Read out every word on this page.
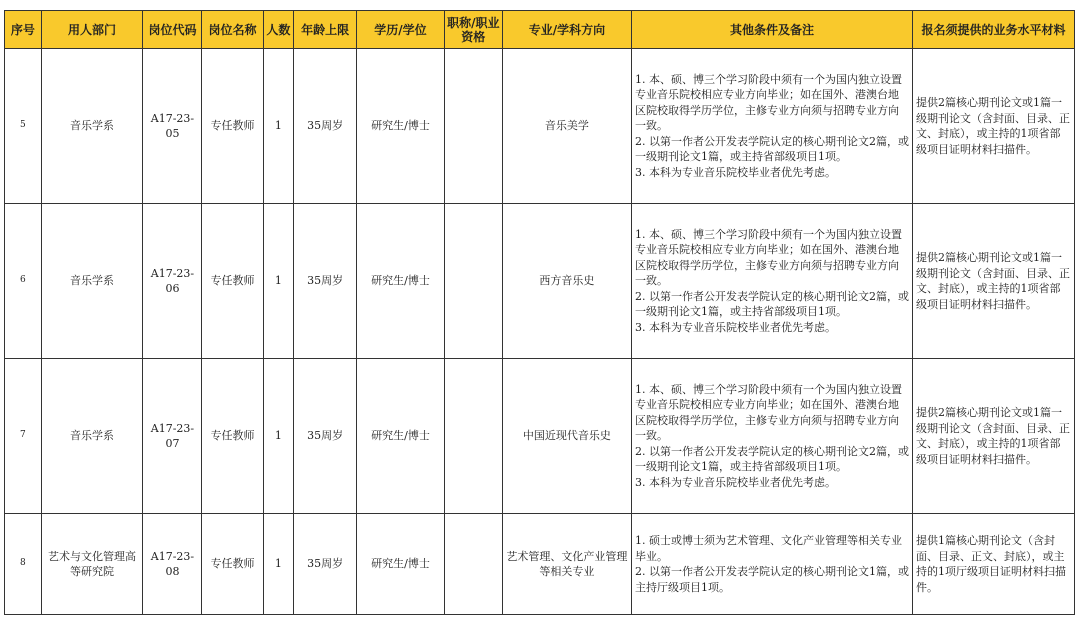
序号	用人部门	岗位代码	岗位名称	人数	年龄上限	学历/学位	职称/职业资格	专业/学科方向	其他条件及备注	报名须提供的业务水平材料
5	音乐学系	A17-23-05	专任教师	1	35周岁	研究生/博士		音乐美学	1. 本、硕、博三个学习阶段中须有一个为国内独立设置专业音乐院校相应专业方向毕业；如在国外、港澳台地区院校取得学历学位，主修专业方向须与招聘专业方向一致。
2. 以第一作者公开发表学院认定的核心期刊论文2篇，或一级期刊论文1篇，或主持省部级项目1项。
3. 本科为专业音乐院校毕业者优先考虑。	提供2篇核心期刊论文或1篇一级期刊论文（含封面、目录、正文、封底），或主持的1项省部级项目证明材料扫描件。
6	音乐学系	A17-23-06	专任教师	1	35周岁	研究生/博士		西方音乐史	1. 本、硕、博三个学习阶段中须有一个为国内独立设置专业音乐院校相应专业方向毕业；如在国外、港澳台地区院校取得学历学位，主修专业方向须与招聘专业方向一致。
2. 以第一作者公开发表学院认定的核心期刊论文2篇，或一级期刊论文1篇，或主持省部级项目1项。
3. 本科为专业音乐院校毕业者优先考虑。	提供2篇核心期刊论文或1篇一级期刊论文（含封面、目录、正文、封底），或主持的1项省部级项目证明材料扫描件。
7	音乐学系	A17-23-07	专任教师	1	35周岁	研究生/博士		中国近现代音乐史	1. 本、硕、博三个学习阶段中须有一个为国内独立设置专业音乐院校相应专业方向毕业；如在国外、港澳台地区院校取得学历学位，主修专业方向须与招聘专业方向一致。
2. 以第一作者公开发表学院认定的核心期刊论文2篇，或一级期刊论文1篇，或主持省部级项目1项。
3. 本科为专业音乐院校毕业者优先考虑。	提供2篇核心期刊论文或1篇一级期刊论文（含封面、目录、正文、封底），或主持的1项省部级项目证明材料扫描件。
8	艺术与文化管理高等研究院	A17-23-08	专任教师	1	35周岁	研究生/博士		艺术管理、文化产业管理等相关专业	1. 硕士或博士须为艺术管理、文化产业管理等相关专业毕业。
2. 以第一作者公开发表学院认定的核心期刊论文1篇，或主持厅级项目1项。	提供1篇核心期刊论文（含封面、目录、正文、封底），或主持的1项厅级项目证明材料扫描件。
